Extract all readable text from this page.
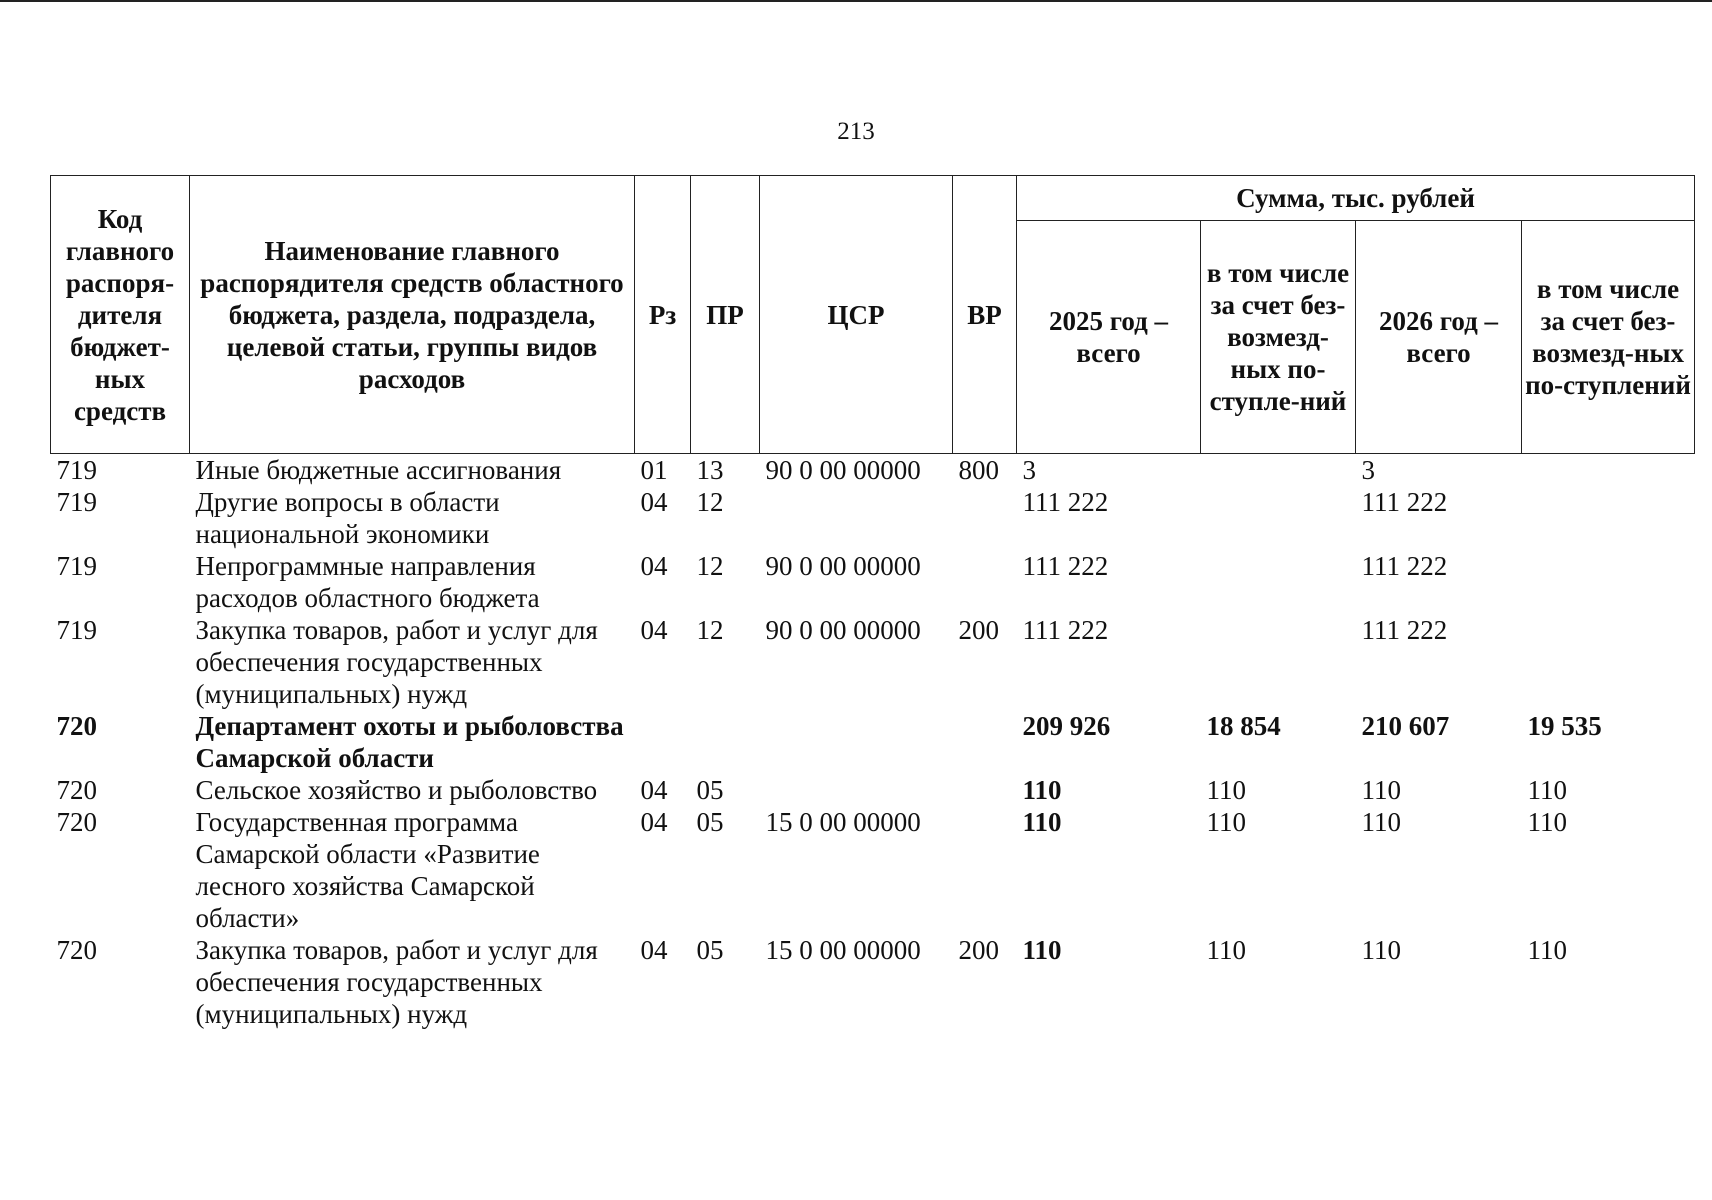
213
Код главного распоря-дителя бюджет-ных средств	Наименование главного распорядителя средств областного бюджета, раздела, подраздела, целевой статьи, группы видов расходов	Рз	ПР	ЦСР	ВР	Сумма, тыс. рублей			
						2025 год – всего	в том числе за счет без-возмезд-ных по-ступле-ний	2026 год – всего	в том числе за счет без-возмезд-ных по-ступлений
719	Иные бюджетные ассигнования	01	13	90 0 00 00000	800	3		3	
719	Другие вопросы в области национальной экономики	04	12			111 222		111 222	
719	Непрограммные направления расходов областного бюджета	04	12	90 0 00 00000		111 222		111 222	
719	Закупка товаров, работ и услуг для обеспечения государственных (муниципальных) нужд	04	12	90 0 00 00000	200	111 222		111 222	
720	Департамент охоты и рыболовства Самарской области					209 926	18 854	210 607	19 535
720	Сельское хозяйство и рыболовство	04	05			110	110	110	110
720	Государственная программа Самарской области «Развитие лесного хозяйства Самарской области»	04	05	15 0 00 00000		110	110	110	110
720	Закупка товаров, работ и услуг для обеспечения государственных (муниципальных) нужд	04	05	15 0 00 00000	200	110	110	110	110
